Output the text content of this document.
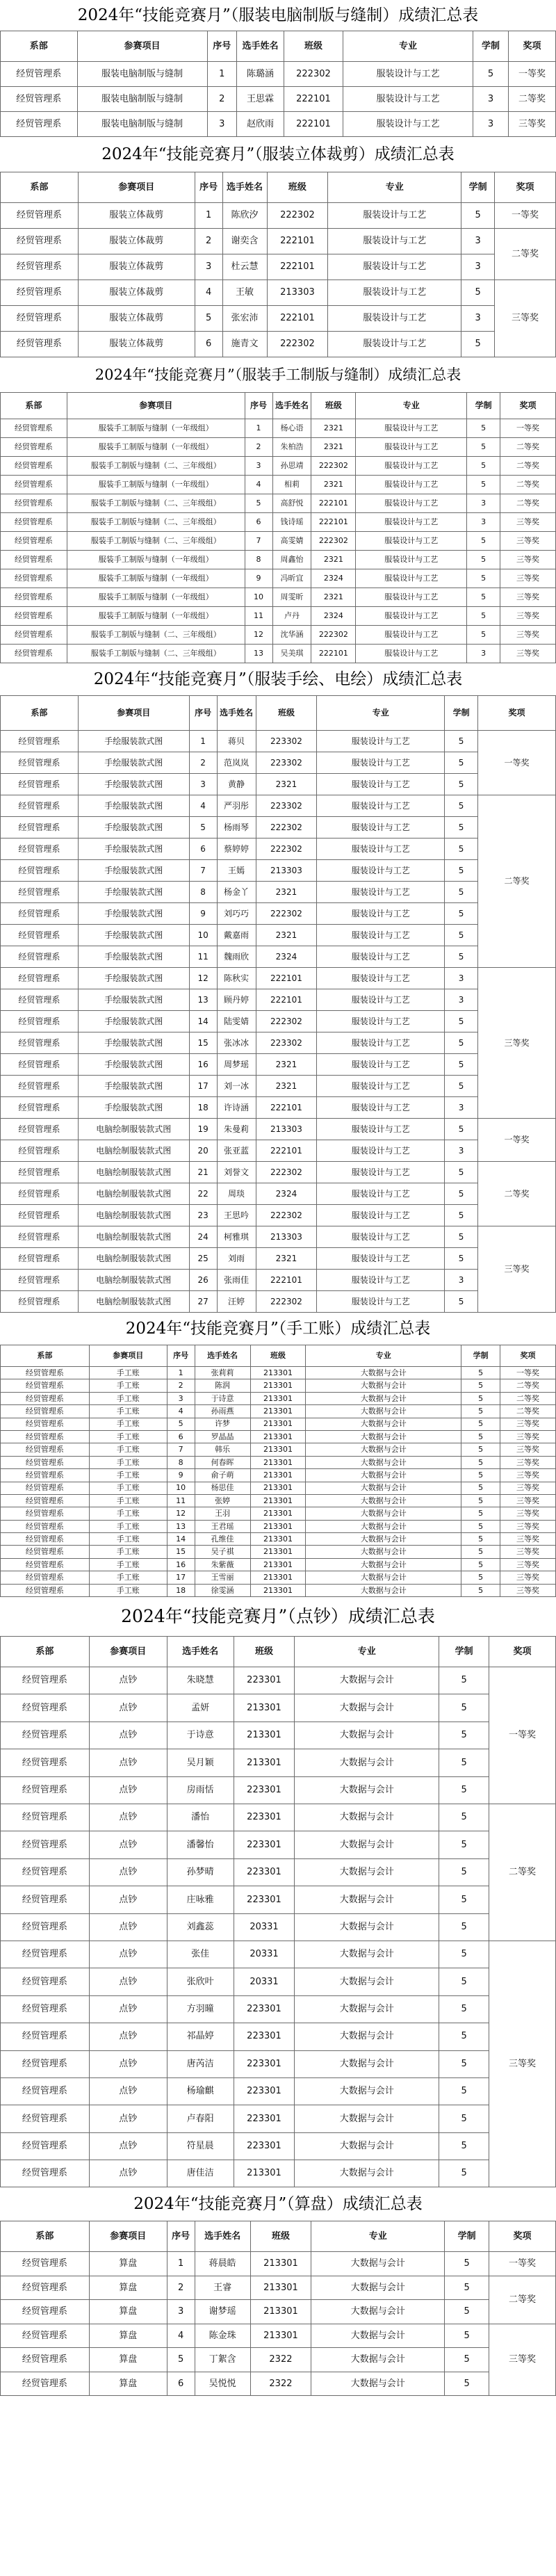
2024年“技能竞赛月”（服装电脑制版与缝制）成绩汇总表
系部	参赛项目	序号	选手姓名	班级	专业	学制	奖项
经贸管理系	服装电脑制版与缝制	1	陈璐涵	222302	服装设计与工艺	5	一等奖
经贸管理系	服装电脑制版与缝制	2	王思霖	222101	服装设计与工艺	3	二等奖
经贸管理系	服装电脑制版与缝制	3	赵欣雨	222101	服装设计与工艺	3	三等奖
2024年“技能竞赛月”（服装立体裁剪）成绩汇总表
系部	参赛项目	序号	选手姓名	班级	专业	学制	奖项
经贸管理系	服装立体裁剪	1	陈欣汐	222302	服装设计与工艺	5	一等奖
经贸管理系	服装立体裁剪	2	谢奕含	222101	服装设计与工艺	3	二等奖
经贸管理系	服装立体裁剪	3	杜云慧	222101	服装设计与工艺	3	
经贸管理系	服装立体裁剪	4	王敏	213303	服装设计与工艺	5	三等奖
经贸管理系	服装立体裁剪	5	张宏沛	222101	服装设计与工艺	3	
经贸管理系	服装立体裁剪	6	施青文	222302	服装设计与工艺	5	
2024年“技能竞赛月”（服装手工制版与缝制）成绩汇总表
系部	参赛项目	序号	选手姓名	班级	专业	学制	奖项
经贸管理系	服装手工制版与缝制（一年级组）	1	杨心语	2321	服装设计与工艺	5	一等奖
经贸管理系	服装手工制版与缝制（一年级组）	2	朱柏浩	2321	服装设计与工艺	5	二等奖
经贸管理系	服装手工制版与缝制（二、三年级组）	3	孙思靖	222302	服装设计与工艺	5	二等奖
经贸管理系	服装手工制版与缝制（一年级组）	4	相莉	2321	服装设计与工艺	5	二等奖
经贸管理系	服装手工制版与缝制（二、三年级组）	5	高舒悦	222101	服装设计与工艺	3	二等奖
经贸管理系	服装手工制版与缝制（二、三年级组）	6	钱诗瑶	222101	服装设计与工艺	3	三等奖
经贸管理系	服装手工制版与缝制（二、三年级组）	7	高雯婧	222302	服装设计与工艺	5	三等奖
经贸管理系	服装手工制版与缝制（一年级组）	8	周鑫怡	2321	服装设计与工艺	5	三等奖
经贸管理系	服装手工制版与缝制（一年级组）	9	冯昕宜	2324	服装设计与工艺	5	三等奖
经贸管理系	服装手工制版与缝制（一年级组）	10	周雯昕	2321	服装设计与工艺	5	三等奖
经贸管理系	服装手工制版与缝制（一年级组）	11	卢丹	2324	服装设计与工艺	5	三等奖
经贸管理系	服装手工制版与缝制（二、三年级组）	12	沈华涵	222302	服装设计与工艺	5	三等奖
经贸管理系	服装手工制版与缝制（二、三年级组）	13	吴美琪	222101	服装设计与工艺	3	三等奖
2024年“技能竞赛月”（服装手绘、电绘）成绩汇总表
系部	参赛项目	序号	选手姓名	班级	专业	学制	奖项
经贸管理系	手绘服装款式图	1	蒋贝	223302	服装设计与工艺	5	一等奖
经贸管理系	手绘服装款式图	2	范岚岚	223302	服装设计与工艺	5	
经贸管理系	手绘服装款式图	3	黄静	2321	服装设计与工艺	5	
经贸管理系	手绘服装款式图	4	严羽彤	223302	服装设计与工艺	5	二等奖
经贸管理系	手绘服装款式图	5	杨雨琴	222302	服装设计与工艺	5	
经贸管理系	手绘服装款式图	6	蔡婷婷	222302	服装设计与工艺	5	
经贸管理系	手绘服装款式图	7	王嫣	213303	服装设计与工艺	5	
经贸管理系	手绘服装款式图	8	杨金丫	2321	服装设计与工艺	5	
经贸管理系	手绘服装款式图	9	刘巧巧	222302	服装设计与工艺	5	
经贸管理系	手绘服装款式图	10	戴嘉雨	2321	服装设计与工艺	5	
经贸管理系	手绘服装款式图	11	魏雨欣	2324	服装设计与工艺	5	
经贸管理系	手绘服装款式图	12	陈秋实	222101	服装设计与工艺	3	三等奖
经贸管理系	手绘服装款式图	13	顾丹婷	222101	服装设计与工艺	3	
经贸管理系	手绘服装款式图	14	陆雯婧	222302	服装设计与工艺	5	
经贸管理系	手绘服装款式图	15	张冰冰	223302	服装设计与工艺	5	
经贸管理系	手绘服装款式图	16	周梦瑶	2321	服装设计与工艺	5	
经贸管理系	手绘服装款式图	17	刘一冰	2321	服装设计与工艺	5	
经贸管理系	手绘服装款式图	18	许诗涵	222101	服装设计与工艺	3	
经贸管理系	电脑绘制服装款式图	19	朱曼莉	213303	服装设计与工艺	5	一等奖
经贸管理系	电脑绘制服装款式图	20	张亚蓝	222101	服装设计与工艺	3	
经贸管理系	电脑绘制服装款式图	21	刘誉文	222302	服装设计与工艺	5	二等奖
经贸管理系	电脑绘制服装款式图	22	周琰	2324	服装设计与工艺	5	
经贸管理系	电脑绘制服装款式图	23	王思吟	222302	服装设计与工艺	5	
经贸管理系	电脑绘制服装款式图	24	柯雅琪	213303	服装设计与工艺	5	三等奖
经贸管理系	电脑绘制服装款式图	25	刘雨	2321	服装设计与工艺	5	
经贸管理系	电脑绘制服装款式图	26	张雨佳	222101	服装设计与工艺	3	
经贸管理系	电脑绘制服装款式图	27	汪婷	222302	服装设计与工艺	5	
2024年“技能竞赛月”（手工账）成绩汇总表
系部	参赛项目	序号	选手姓名	班级	专业	学制	奖项
经贸管理系	手工账	1	张莉莉	213301	大数据与会计	5	一等奖
经贸管理系	手工账	2	陈润	213301	大数据与会计	5	二等奖
经贸管理系	手工账	3	于诗意	213301	大数据与会计	5	二等奖
经贸管理系	手工账	4	孙雨燕	213301	大数据与会计	5	二等奖
经贸管理系	手工账	5	许梦	213301	大数据与会计	5	三等奖
经贸管理系	手工账	6	罗晶晶	213301	大数据与会计	5	三等奖
经贸管理系	手工账	7	韩乐	213301	大数据与会计	5	三等奖
经贸管理系	手工账	8	何春晖	213301	大数据与会计	5	三等奖
经贸管理系	手工账	9	俞子萌	213301	大数据与会计	5	三等奖
经贸管理系	手工账	10	杨思佳	213301	大数据与会计	5	三等奖
经贸管理系	手工账	11	张婷	213301	大数据与会计	5	三等奖
经贸管理系	手工账	12	王羽	213301	大数据与会计	5	三等奖
经贸管理系	手工账	13	王君瑶	213301	大数据与会计	5	三等奖
经贸管理系	手工账	14	孔维佳	213301	大数据与会计	5	三等奖
经贸管理系	手工账	15	吴子祺	213301	大数据与会计	5	三等奖
经贸管理系	手工账	16	朱紫薇	213301	大数据与会计	5	三等奖
经贸管理系	手工账	17	王雪丽	213301	大数据与会计	5	三等奖
经贸管理系	手工账	18	徐雯涵	213301	大数据与会计	5	三等奖
2024年“技能竞赛月”（点钞）成绩汇总表
系部	参赛项目	选手姓名	班级	专业	学制	奖项
经贸管理系	点钞	朱晓慧	223301	大数据与会计	5	一等奖
经贸管理系	点钞	孟妍	213301	大数据与会计	5	
经贸管理系	点钞	于诗意	213301	大数据与会计	5	
经贸管理系	点钞	吴月颖	213301	大数据与会计	5	
经贸管理系	点钞	房雨恬	223301	大数据与会计	5	
经贸管理系	点钞	潘怡	223301	大数据与会计	5	二等奖
经贸管理系	点钞	潘馨怡	223301	大数据与会计	5	
经贸管理系	点钞	孙梦晴	223301	大数据与会计	5	
经贸管理系	点钞	庄咏雅	223301	大数据与会计	5	
经贸管理系	点钞	刘鑫蕊	20331	大数据与会计	5	
经贸管理系	点钞	张佳	20331	大数据与会计	5	三等奖
经贸管理系	点钞	张欣叶	20331	大数据与会计	5	
经贸管理系	点钞	方羽曈	223301	大数据与会计	5	
经贸管理系	点钞	祁晶婷	223301	大数据与会计	5	
经贸管理系	点钞	唐芮洁	223301	大数据与会计	5	
经贸管理系	点钞	杨瑜麒	223301	大数据与会计	5	
经贸管理系	点钞	卢春阳	223301	大数据与会计	5	
经贸管理系	点钞	符星晨	223301	大数据与会计	5	
经贸管理系	点钞	唐佳洁	213301	大数据与会计	5	
2024年“技能竞赛月”（算盘）成绩汇总表
系部	参赛项目	序号	选手姓名	班级	专业	学制	奖项
经贸管理系	算盘	1	蒋晨皓	213301	大数据与会计	5	一等奖
经贸管理系	算盘	2	王睿	213301	大数据与会计	5	二等奖
经贸管理系	算盘	3	谢梦瑶	213301	大数据与会计	5	
经贸管理系	算盘	4	陈金珠	213301	大数据与会计	5	三等奖
经贸管理系	算盘	5	丁絮含	2322	大数据与会计	5	
经贸管理系	算盘	6	吴悦悦	2322	大数据与会计	5	
